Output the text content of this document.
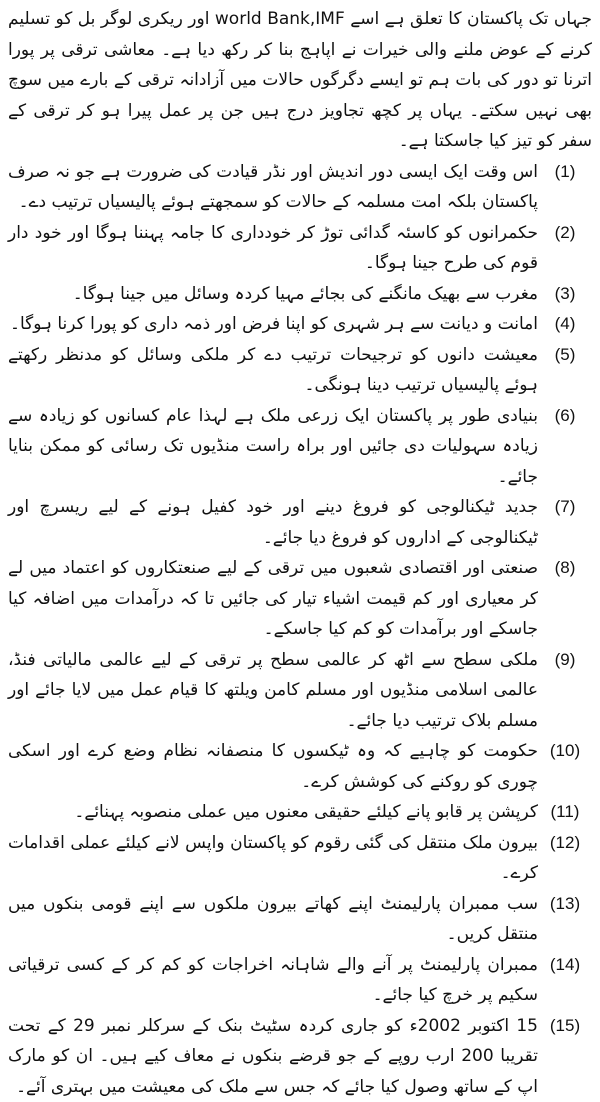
جہاں تک پاکستان کا تعلق ہے اسے world Bank,IMF اور ریکری لوگر بل کو تسلیم کرنے کے عوض ملنے والی خیرات نے اپاہج بنا کر رکھ دیا ہے۔ معاشی ترقی پر پورا اترنا تو دور کی بات ہم تو ایسے دگرگوں حالات میں آزادانہ ترقی کے بارے میں سوچ بھی نہیں سکتے۔ یہاں پر کچھ تجاویز درج ہیں جن پر عمل پیرا ہو کر ترقی کے سفر کو تیز کیا جاسکتا ہے۔

(1)
اس وقت ایک ایسی دور اندیش اور نڈر قیادت کی ضرورت ہے جو نہ صرف پاکستان بلکہ امت مسلمہ کے حالات کو سمجھتے ہوئے پالیسیاں ترتیب دے۔
(2)
حکمرانوں کو کاسئہ گدائی توڑ کر خودداری کا جامہ پہننا ہوگا اور خود دار قوم کی طرح جینا ہوگا۔
(3)
مغرب سے بھیک مانگنے کی بجائے مہیا کردہ وسائل میں جینا ہوگا۔
(4)
امانت و دیانت سے ہر شہری کو اپنا فرض اور ذمہ داری کو پورا کرنا ہوگا۔
(5)
معیشت دانوں کو ترجیحات ترتیب دے کر ملکی وسائل کو مدنظر رکھتے ہوئے پالیسیاں ترتیب دینا ہونگی۔
(6)
بنیادی طور پر پاکستان ایک زرعی ملک ہے لہذا عام کسانوں کو زیادہ سے زیادہ سہولیات دی جائیں اور براہ راست منڈیوں تک رسائی کو ممکن بنایا جائے۔
(7)
جدید ٹیکنالوجی کو فروغ دینے اور خود کفیل ہونے کے لیے ریسرچ اور ٹیکنالوجی کے اداروں کو فروغ دیا جائے۔
(8)
صنعتی اور اقتصادی شعبوں میں ترقی کے لیے صنعتکاروں کو اعتماد میں لے کر معیاری اور کم قیمت اشیاء تیار کی جائیں تا کہ درآمدات میں اضافہ کیا جاسکے اور برآمدات کو کم کیا جاسکے۔
(9)
ملکی سطح سے اٹھ کر عالمی سطح پر ترقی کے لیے عالمی مالیاتی فنڈ، عالمی اسلامی منڈیوں اور مسلم کامن ویلتھ کا قیام عمل میں لایا جائے اور مسلم بلاک ترتیب دیا جائے۔
(10)
حکومت کو چاہیے کہ وہ ٹیکسوں کا منصفانہ نظام وضع کرے اور اسکی چوری کو روکنے کی کوشش کرے۔
(11)
کرپشن پر قابو پانے کیلئے حقیقی معنوں میں عملی منصوبہ پہنائے۔
(12)
بیرون ملک منتقل کی گئی رقوم کو پاکستان واپس لانے کیلئے عملی اقدامات کرے۔
(13)
سب ممبران پارلیمنٹ اپنے کھاتے بیرون ملکوں سے اپنے قومی بنکوں میں منتقل کریں۔
(14)
ممبران پارلیمنٹ پر آنے والے شاہانہ اخراجات کو کم کر کے کسی ترقیاتی سکیم پر خرچ کیا جائے۔
(15)
15 اکتوبر 2002ء کو جاری کردہ سٹیٹ بنک کے سرکلر نمبر 29 کے تحت تقریبا 200 ارب روپے کے جو قرضے بنکوں نے معاف کیے ہیں۔ ان کو مارک اپ کے ساتھ وصول کیا جائے کہ جس سے ملک کی معیشت میں بہتری آئے۔
